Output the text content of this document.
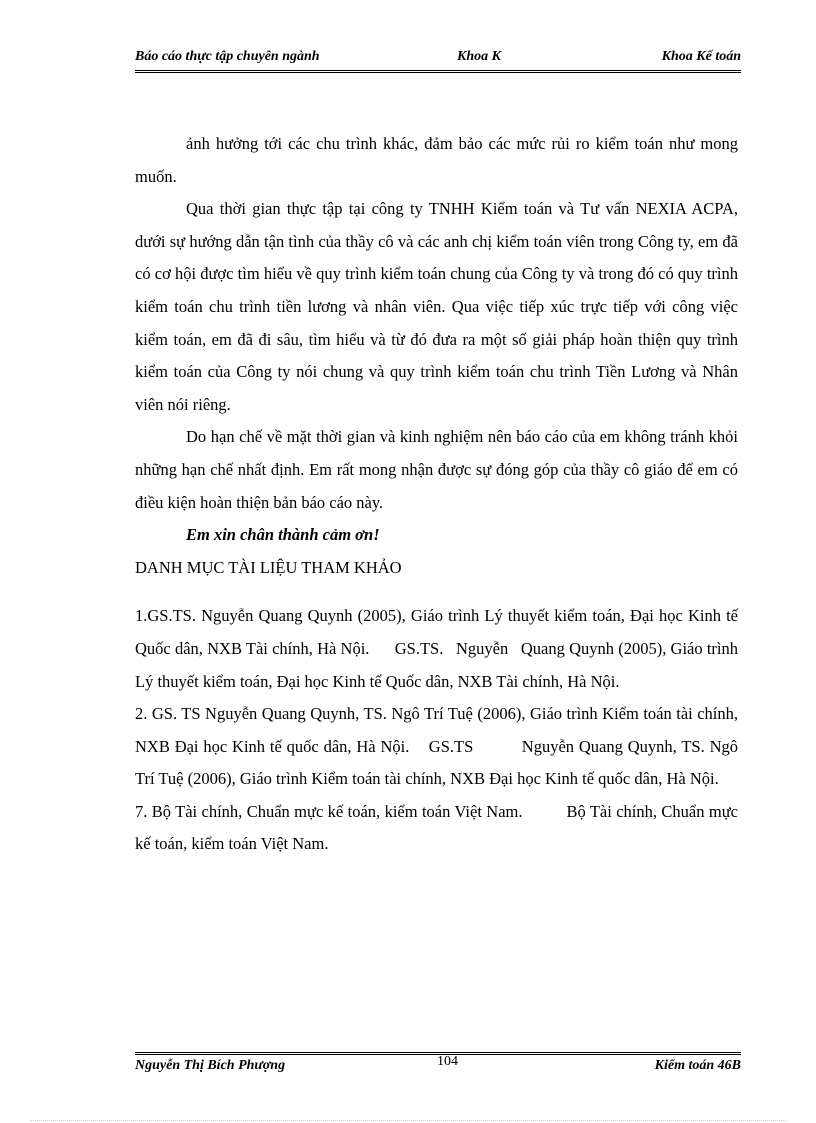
Báo cáo thực tập chuyên ngành	Khoa K	Khoa Kế toán

ảnh hưởng tới các chu trình khác, đảm bảo các mức rủi ro kiểm toán như mong muốn.

Qua thời gian thực tập tại công ty TNHH Kiểm toán và Tư vấn NEXIA ACPA, dưới sự hướng dẫn tận tình của thầy cô và các anh chị kiểm toán viên trong Công ty, em đã có cơ hội được tìm hiểu về quy trình kiểm toán chung của Công ty và trong đó có quy trình kiểm toán chu trình tiền lương và nhân viên. Qua việc tiếp xúc trực tiếp với công việc kiểm toán, em đã đi sâu, tìm hiểu và từ đó đưa ra một số giải pháp hoàn thiện quy trình kiểm toán của Công ty nói chung và quy trình kiểm toán chu trình Tiền Lương và Nhân viên nói riêng.

Do hạn chế về mặt thời gian và kinh nghiệm nên báo cáo của em không tránh khỏi những hạn chế nhất định. Em rất mong nhận được sự đóng góp của thầy cô giáo để em có điều kiện hoàn thiện bản báo cáo này.

Em xin chân thành cảm ơn!

DANH MỤC TÀI LIỆU THAM KHẢO

1.GS.TS. Nguyễn Quang Quynh (2005), Giáo trình Lý thuyết kiểm toán, Đại học Kinh tế Quốc dân, NXB Tài chính, Hà Nội.      GS.TS.   Nguyễn   Quang Quynh (2005), Giáo trình Lý thuyết kiểm toán, Đại học Kinh tế Quốc dân, NXB Tài chính, Hà Nội.

2. GS. TS Nguyễn Quang Quynh, TS. Ngô Trí Tuệ (2006), Giáo trình Kiểm toán tài chính, NXB Đại học Kinh tế quốc dân, Hà Nội.    GS.TS          Nguyễn Quang Quynh, TS. Ngô Trí Tuệ (2006), Giáo trình Kiểm toán tài chính, NXB Đại học Kinh tế quốc dân, Hà Nội.

7. Bộ Tài chính, Chuẩn mực kế toán, kiểm toán Việt Nam.          Bộ Tài chính, Chuẩn mực kế toán, kiểm toán Việt Nam.

Nguyễn Thị Bích Phượng	104	Kiểm toán 46B
